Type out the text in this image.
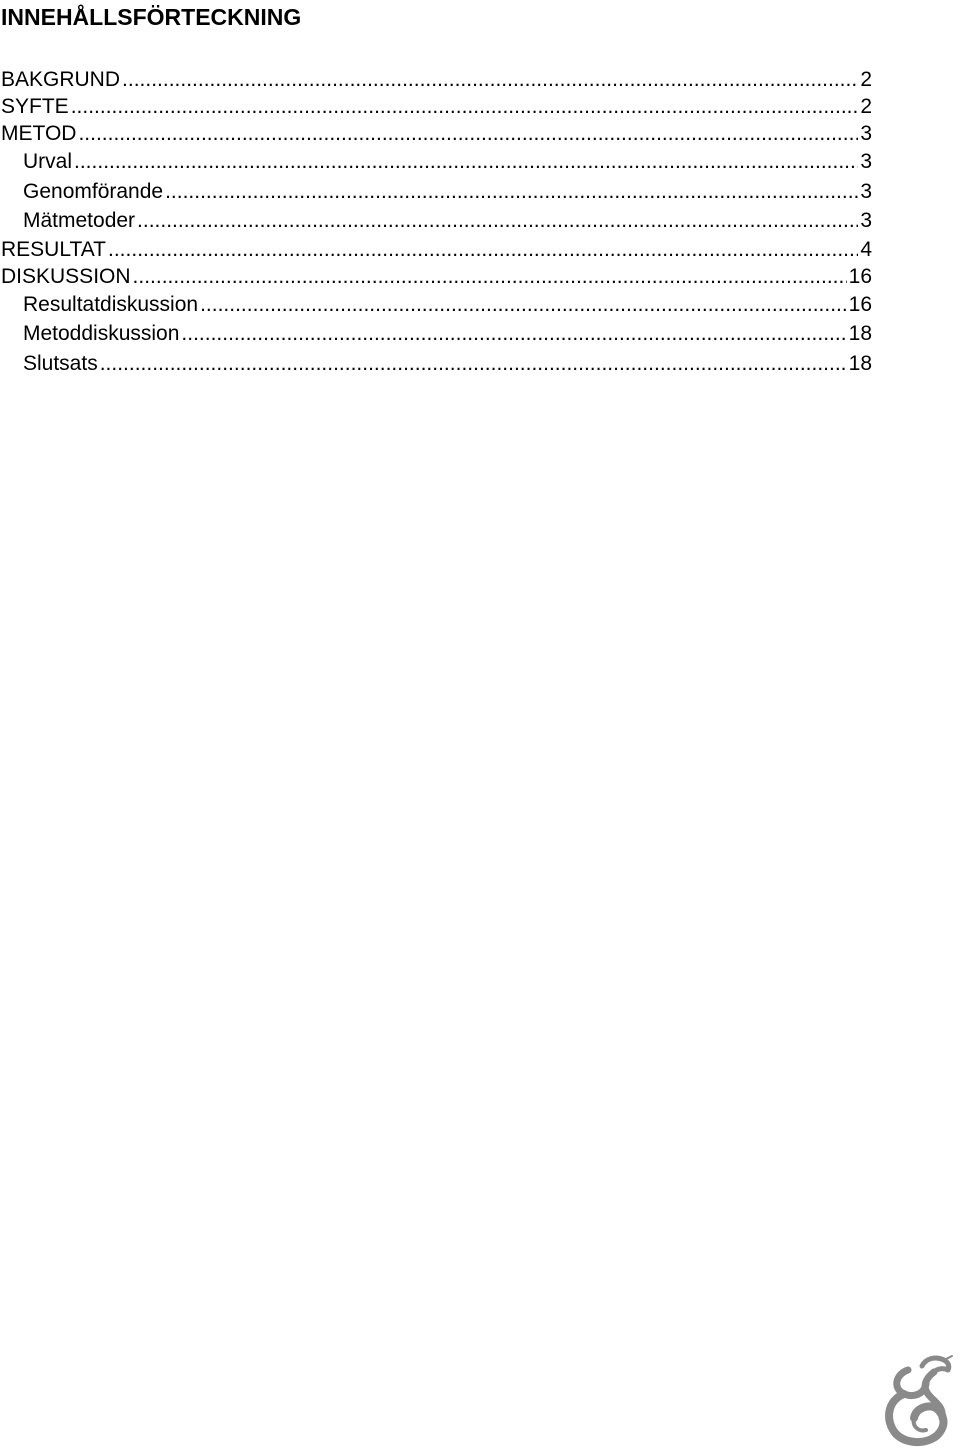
INNEHÅLLSFÖRTECKNING
BAKGRUND .....	2
SYFTE .....	2
METOD .....	3
Urval .....	3
Genomförande .....	3
Mätmetoder .....	3
RESULTAT .....	4
DISKUSSION .....	16
Resultatdiskussion .....	16
Metoddiskussion .....	18
Slutsats .....	18
